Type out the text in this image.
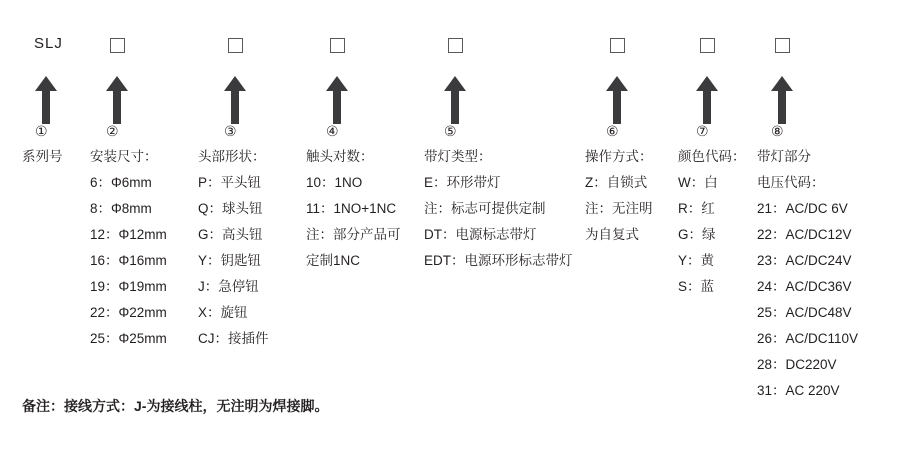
SLJ
①
系列号
②
安装尺寸：
6：Φ6mm
8：Φ8mm
12：Φ12mm
16：Φ16mm
19：Φ19mm
22：Φ22mm
25：Φ25mm
③
头部形状：
P：平头钮
Q：球头钮
G：高头钮
Y：钥匙钮
J：急停钮
X：旋钮
CJ：接插件
④
触头对数：
10：1NO
11：1NO+1NC
注：部分产品可
定制1NC
⑤
带灯类型：
E：环形带灯
注：标志可提供定制
DT：电源标志带灯
EDT：电源环形标志带灯
⑥
操作方式：
Z：自锁式
注：无注明
为自复式
⑦
颜色代码：
W：白
R：红
G：绿
Y：黄
S：蓝
⑧
带灯部分
电压代码：
21：AC/DC 6V
22：AC/DC12V
23：AC/DC24V
24：AC/DC36V
25：AC/DC48V
26：AC/DC110V
28：DC220V
31：AC 220V
备注：接线方式：J-为接线柱，无注明为焊接脚。
